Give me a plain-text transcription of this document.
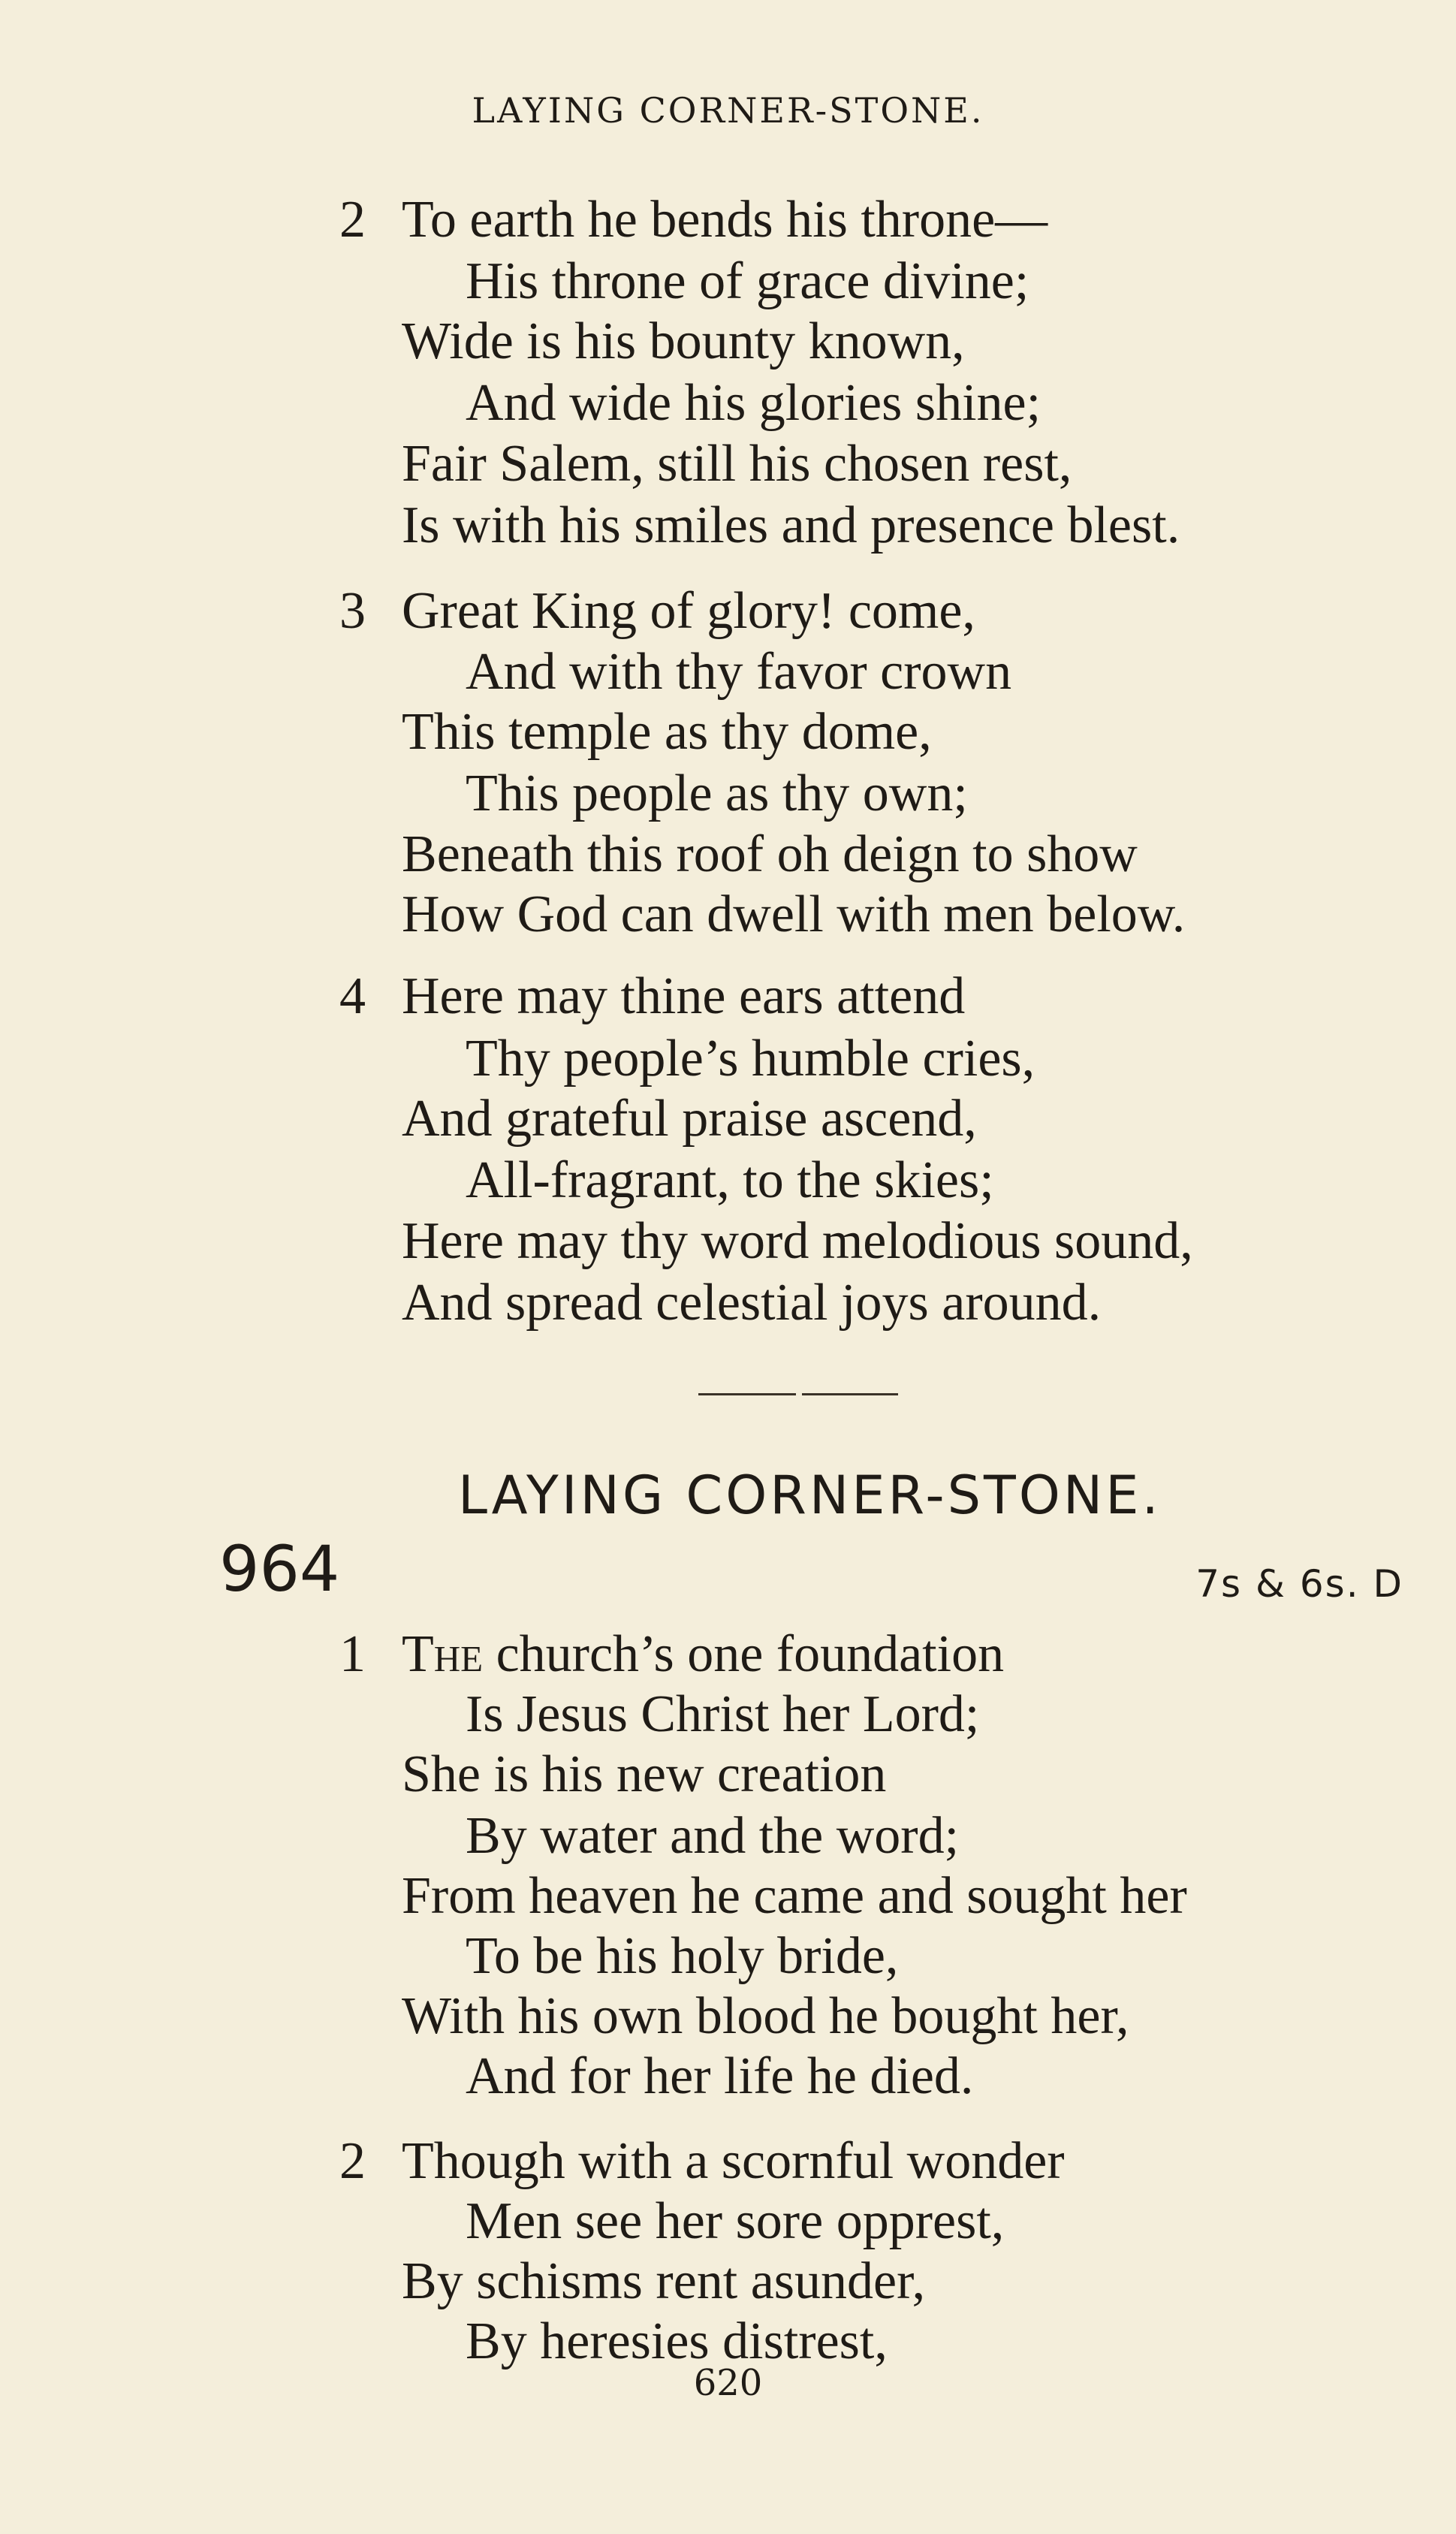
LAYING CORNER-STONE.
2 To earth he bends his throne—
His throne of grace divine;
Wide is his bounty known,
And wide his glories shine;
Fair Salem, still his chosen rest,
Is with his smiles and presence blest.
3 Great King of glory! come,
And with thy favor crown
This temple as thy dome,
This people as thy own;
Beneath this roof oh deign to show
How God can dwell with men below.
4 Here may thine ears attend
Thy people’s humble cries,
And grateful praise ascend,
All-fragrant, to the skies;
Here may thy word melodious sound,
And spread celestial joys around.
LAYING CORNER-STONE.
964	7s & 6s. D
1 The church’s one foundation
Is Jesus Christ her Lord;
She is his new creation
By water and the word;
From heaven he came and sought her
To be his holy bride,
With his own blood he bought her,
And for her life he died.
2 Though with a scornful wonder
Men see her sore opprest,
By schisms rent asunder,
By heresies distrest,
620
